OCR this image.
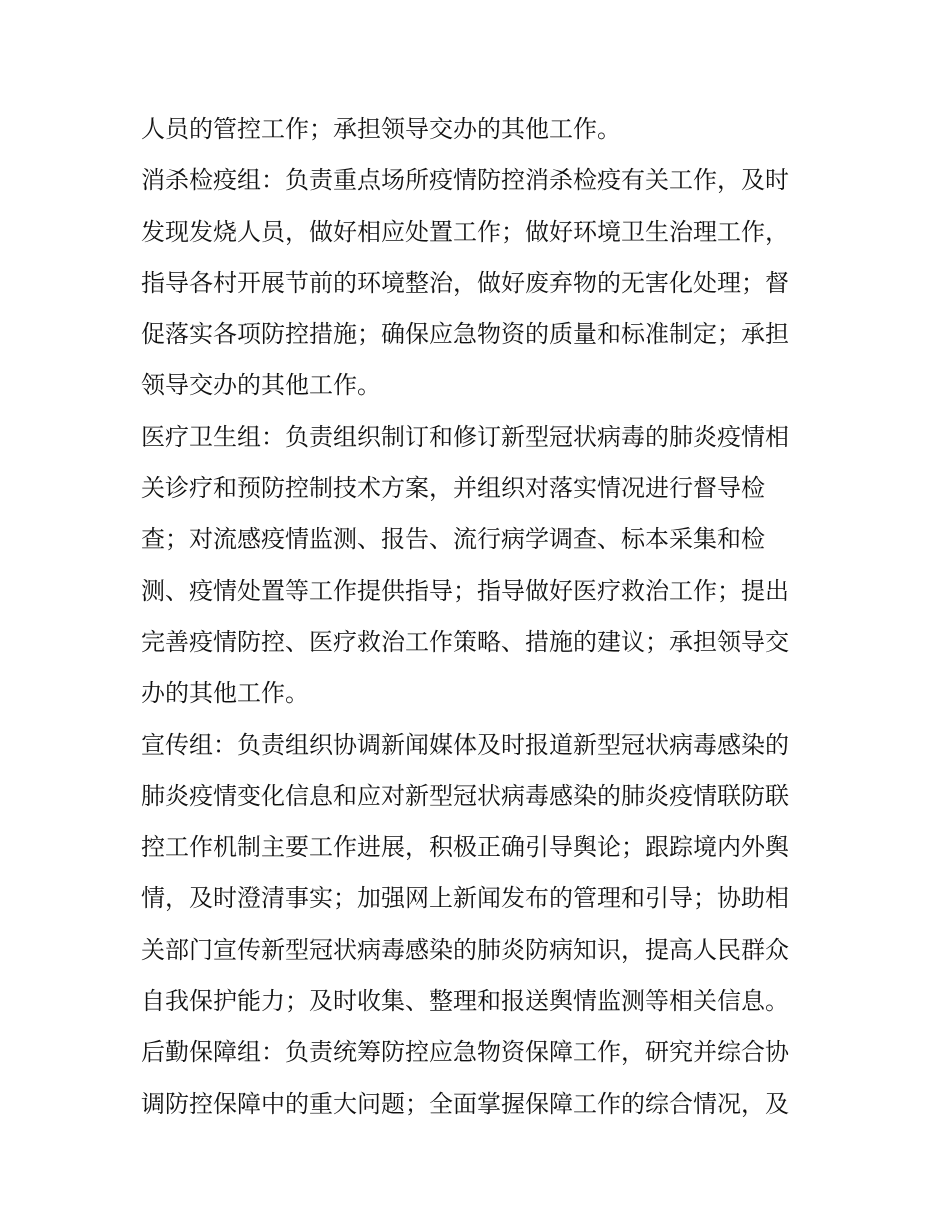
人员的管控工作；承担领导交办的其他工作。
消杀检疫组：负责重点场所疫情防控消杀检疫有关工作，及时
发现发烧人员，做好相应处置工作；做好环境卫生治理工作，
指导各村开展节前的环境整治，做好废弃物的无害化处理；督
促落实各项防控措施；确保应急物资的质量和标准制定；承担
领导交办的其他工作。
医疗卫生组：负责组织制订和修订新型冠状病毒的肺炎疫情相
关诊疗和预防控制技术方案，并组织对落实情况进行督导检
查；对流感疫情监测、报告、流行病学调查、标本采集和检
测、疫情处置等工作提供指导；指导做好医疗救治工作；提出
完善疫情防控、医疗救治工作策略、措施的建议；承担领导交
办的其他工作。
宣传组：负责组织协调新闻媒体及时报道新型冠状病毒感染的
肺炎疫情变化信息和应对新型冠状病毒感染的肺炎疫情联防联
控工作机制主要工作进展，积极正确引导舆论；跟踪境内外舆
情，及时澄清事实；加强网上新闻发布的管理和引导；协助相
关部门宣传新型冠状病毒感染的肺炎防病知识，提高人民群众
自我保护能力；及时收集、整理和报送舆情监测等相关信息。
后勤保障组：负责统筹防控应急物资保障工作，研究并综合协
调防控保障中的重大问题；全面掌握保障工作的综合情况，及
